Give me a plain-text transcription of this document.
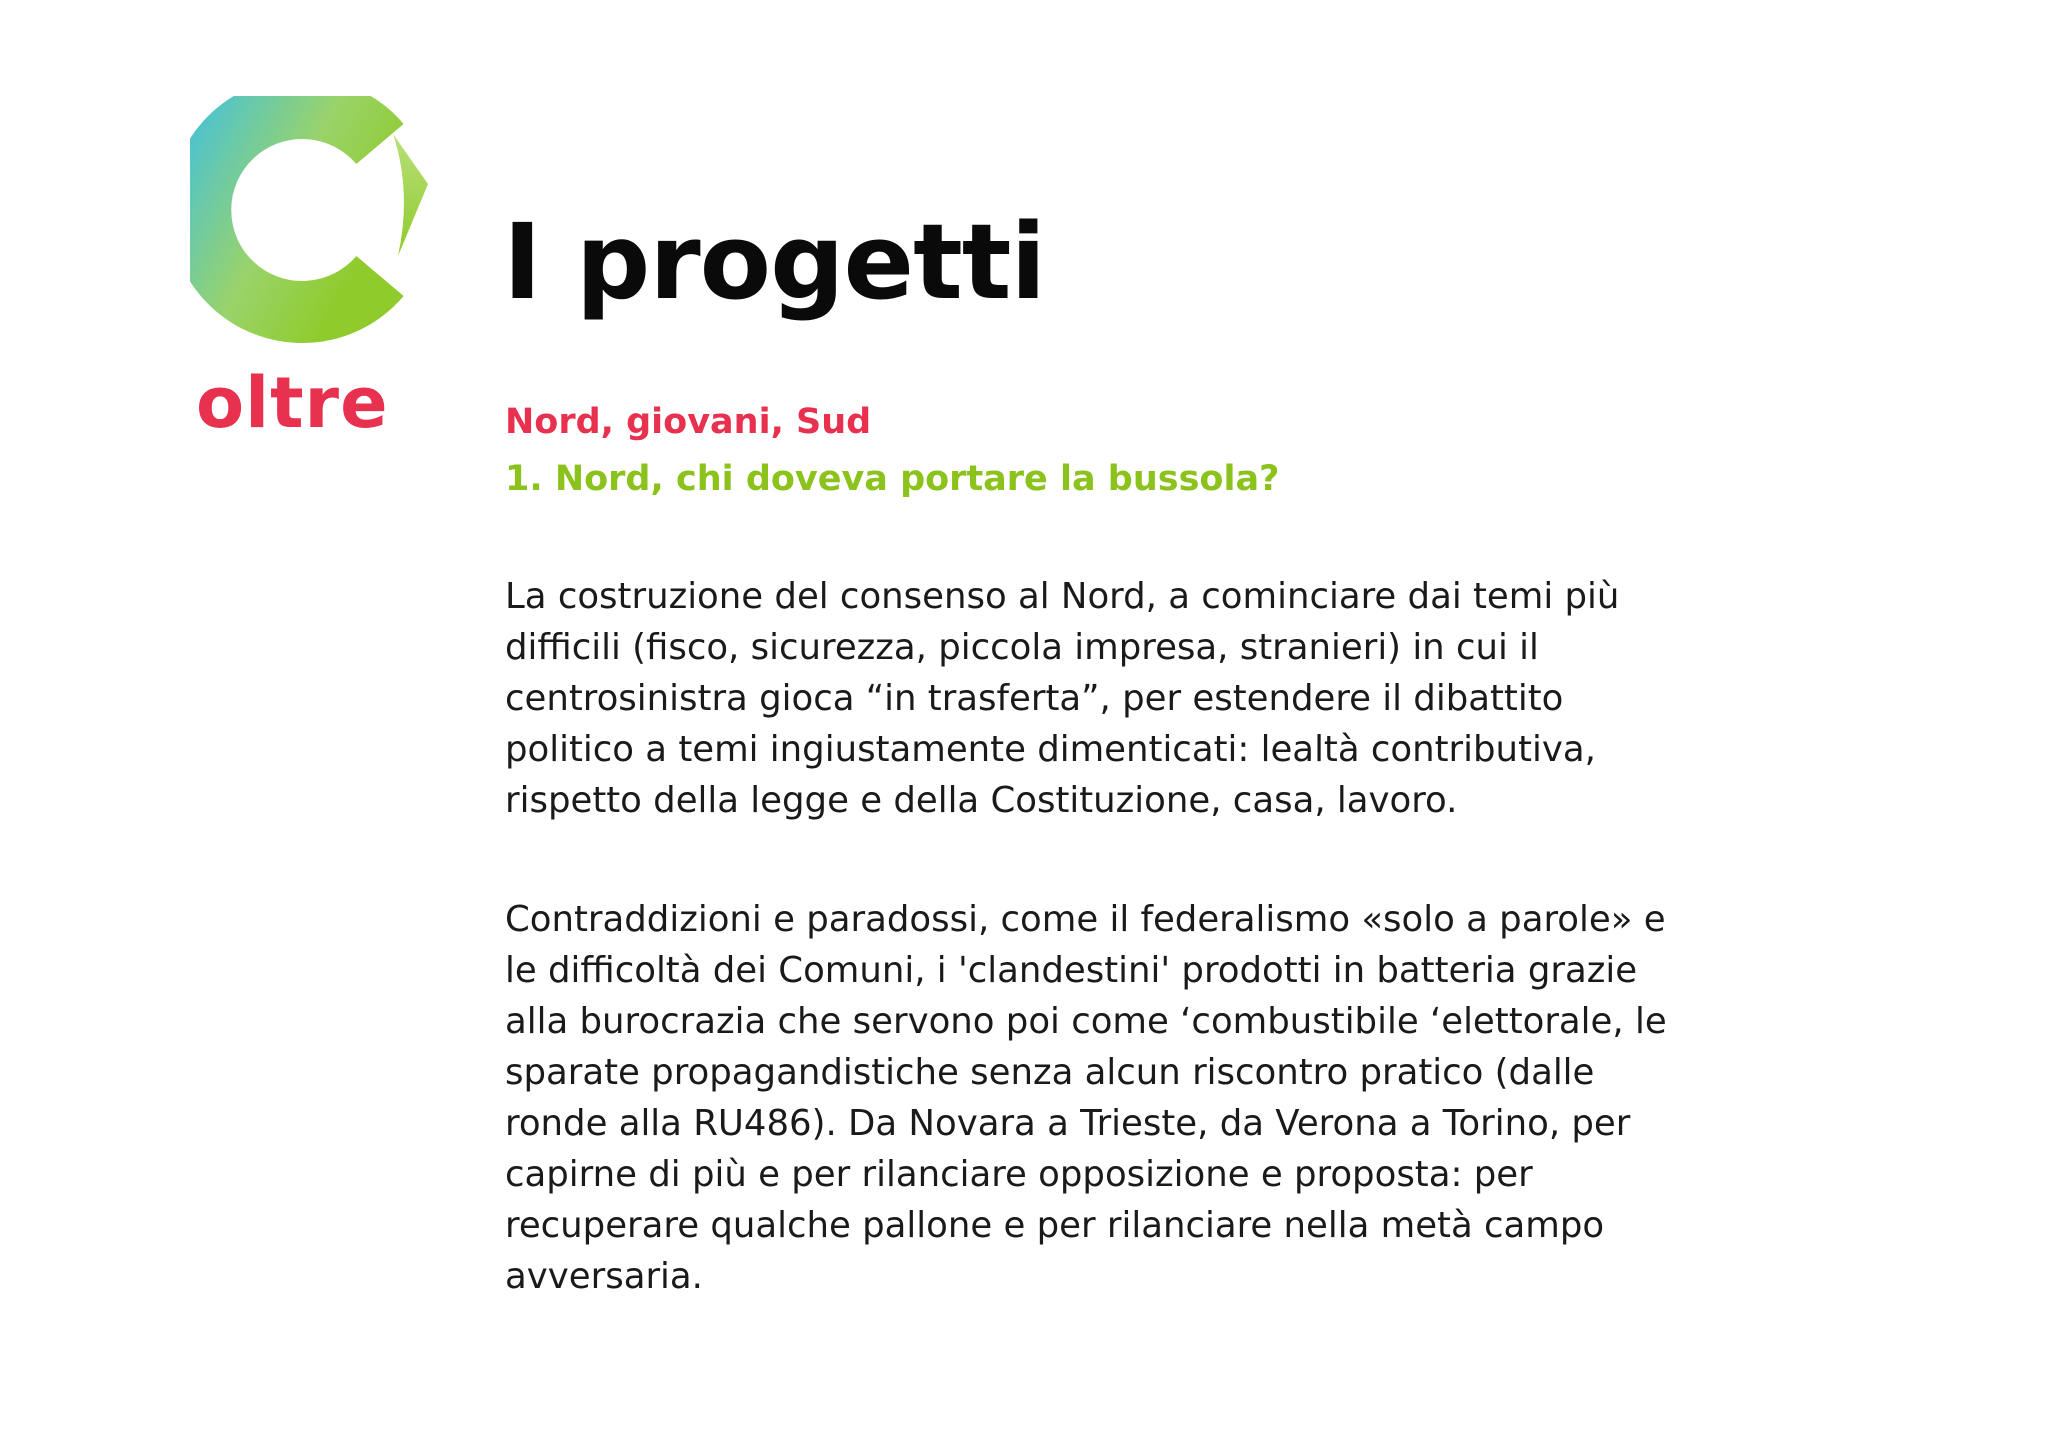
oltre
I progetti
Nord, giovani, Sud
1. Nord, chi doveva portare la bussola?

La costruzione del consenso al Nord, a cominciare dai temi più
difficili (fisco, sicurezza, piccola impresa, stranieri) in cui il
centrosinistra gioca “in trasferta”, per estendere il dibattito
politico a temi ingiustamente dimenticati: lealtà contributiva,
rispetto della legge e della Costituzione, casa, lavoro.

Contraddizioni e paradossi, come il federalismo «solo a parole» e
le difficoltà dei Comuni, i 'clandestini' prodotti in batteria grazie
alla burocrazia che servono poi come ‘combustibile ‘elettorale, le
sparate propagandistiche senza alcun riscontro pratico (dalle
ronde alla RU486). Da Novara a Trieste, da Verona a Torino, per
capirne di più e per rilanciare opposizione e proposta: per
recuperare qualche pallone e per rilanciare nella metà campo
avversaria.
